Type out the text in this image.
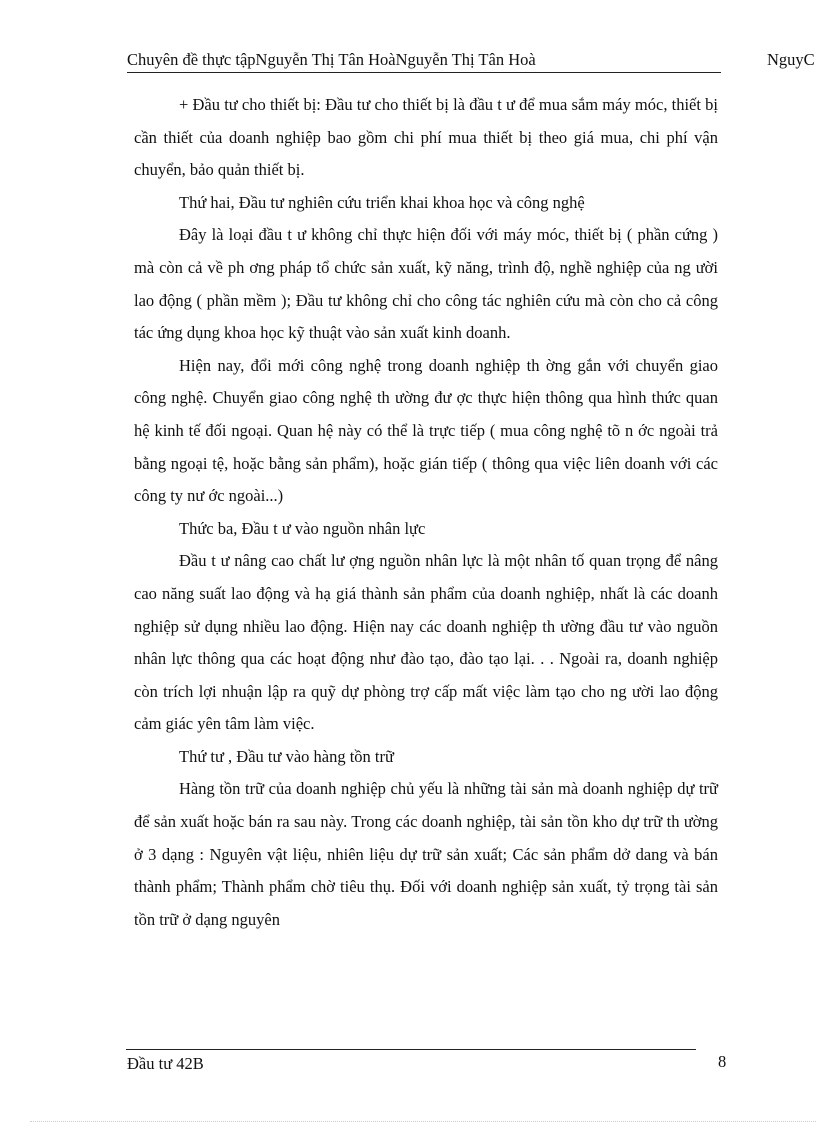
Chuyên đề thực tậpNguyễn Thị Tân HoàNguyễn Thị Tân Hoà	NguyC

+ Đầu tư cho thiết bị: Đầu tư cho thiết bị là đầu t ư để mua sắm máy móc, thiết bị cần thiết của doanh nghiệp bao gồm chi phí mua thiết bị theo giá mua, chi phí vận chuyển, bảo quản thiết bị.

Thứ hai, Đầu tư nghiên cứu triển khai khoa học và công nghệ

Đây là loại đầu t ư không chỉ thực hiện đối với máy móc, thiết bị ( phần cứng ) mà còn cả về ph ơng pháp tổ chức sản xuất, kỹ năng, trình độ, nghề nghiệp của ng ười lao động ( phần mềm ); Đầu tư không chỉ cho công tác nghiên cứu mà còn cho cả công tác ứng dụng khoa học kỹ thuật vào sản xuất kinh doanh.

Hiện nay, đổi mới công nghệ trong doanh nghiệp th ờng gắn với chuyển giao công nghệ. Chuyển giao công nghệ th ường đư ợc thực hiện thông qua hình thức quan hệ kinh tế đối ngoại. Quan hệ này có thể là trực tiếp ( mua công nghệ tõ n ớc ngoài trả bằng ngoại tệ, hoặc bằng sản phẩm), hoặc gián tiếp ( thông qua việc liên doanh với các công ty nư ớc ngoài...)

Thức ba, Đầu t ư vào nguồn nhân lực

Đầu t ư nâng cao chất lư ợng nguồn nhân lực là một nhân tố quan trọng để nâng cao năng suất lao động và hạ giá thành sản phẩm của doanh nghiệp, nhất là các doanh nghiệp sử dụng nhiều lao động. Hiện nay các doanh nghiệp th ường đầu tư vào nguồn nhân lực thông qua các hoạt động như đào tạo, đào tạo lại. . . Ngoài ra, doanh nghiệp còn trích lợi nhuận lập ra quỹ dự phòng trợ cấp mất việc làm tạo cho ng ười lao động cảm giác yên tâm làm việc.

Thứ tư , Đầu tư vào hàng tồn trữ

Hàng tồn trữ của doanh nghiệp chủ yếu là những tài sản mà doanh nghiệp dự trữ để sản xuất hoặc bán ra sau này. Trong các doanh nghiệp, tài sản tồn kho dự trữ th ường ở 3 dạng : Nguyên vật liệu, nhiên liệu dự trữ sản xuất; Các sản phẩm dở dang và bán thành phẩm; Thành phẩm chờ tiêu thụ. Đối với doanh nghiệp sản xuất, tỷ trọng tài sản tồn trữ ở dạng nguyên

Đầu tư 42B	8
